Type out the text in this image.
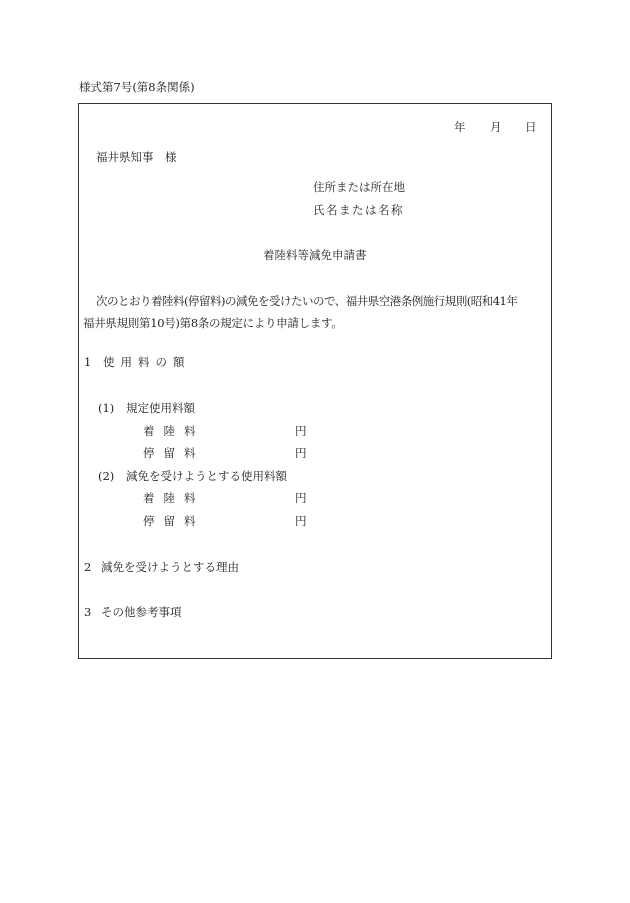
様式第7号(第8条関係)
年 月 日
福井県知事　様
住所または所在地
氏名または名称
着陸料等減免申請書
次のとおり着陸料(停留料)の減免を受けたいので、福井県空港条例施行規則(昭和41年
福井県規則第10号)第8条の規定により申請します。
1 使用料の額
(1) 規定使用料額
着陸料	円
停留料	円
(2) 減免を受けようとする使用料額
着陸料	円
停留料	円
2 減免を受けようとする理由
3 その他参考事項
